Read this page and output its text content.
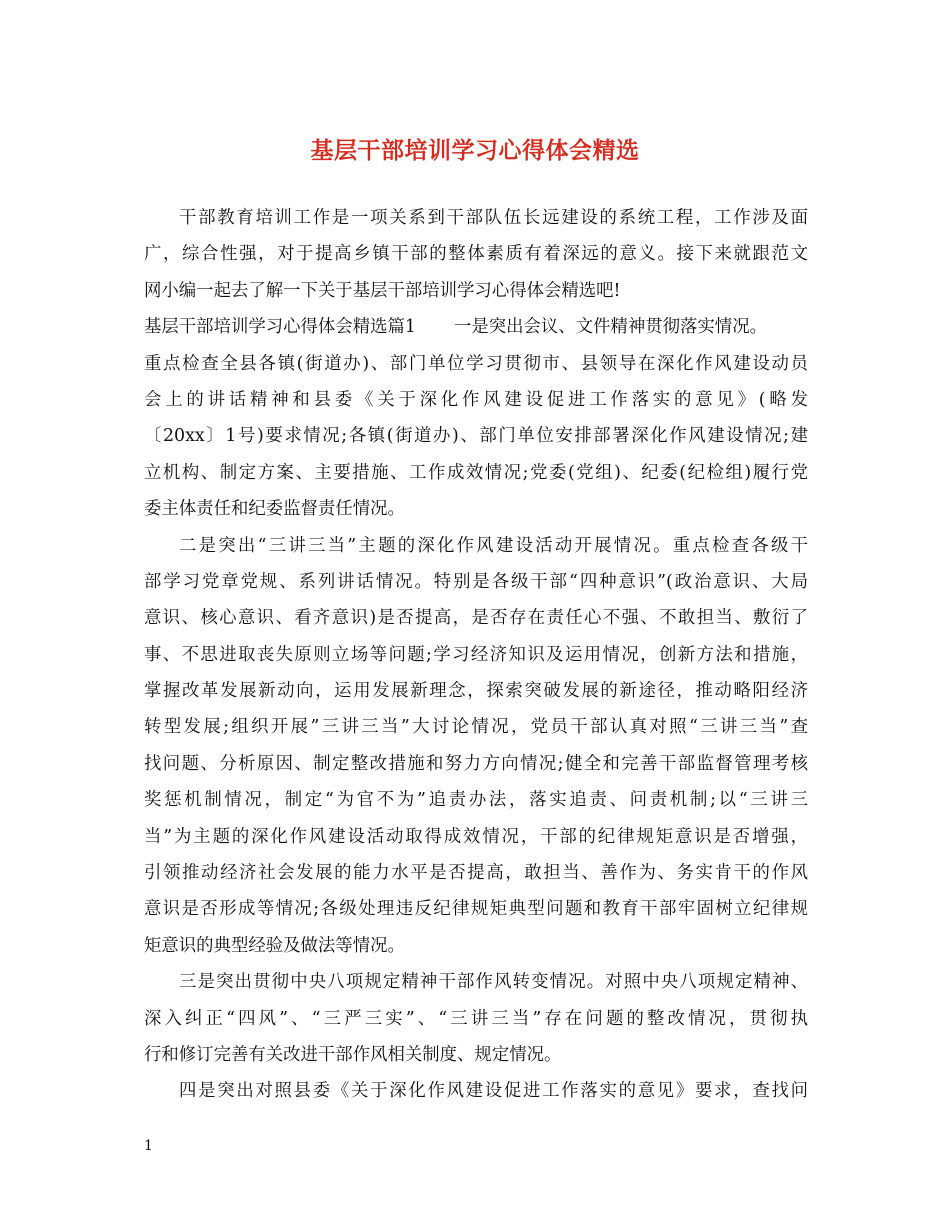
基层干部培训学习心得体会精选
干部教育培训工作是一项关系到干部队伍长远建设的系统工程，工作涉及面
广，综合性强，对于提高乡镇干部的整体素质有着深远的意义。接下来就跟范文
网小编一起去了解一下关于基层干部培训学习心得体会精选吧!
基层干部培训学习心得体会精选篇1 一是突出会议、文件精神贯彻落实情况。
重点检查全县各镇(街道办)、部门单位学习贯彻市、县领导在深化作风建设动员
会上的讲话精神和县委《关于深化作风建设促进工作落实的意见》(略发
〔20xx〕1号)要求情况;各镇(街道办)、部门单位安排部署深化作风建设情况;建
立机构、制定方案、主要措施、工作成效情况;党委(党组)、纪委(纪检组)履行党
委主体责任和纪委监督责任情况。
二是突出“三讲三当”主题的深化作风建设活动开展情况。重点检查各级干
部学习党章党规、系列讲话情况。特别是各级干部“四种意识”(政治意识、大局
意识、核心意识、看齐意识)是否提高，是否存在责任心不强、不敢担当、敷衍了
事、不思进取丧失原则立场等问题;学习经济知识及运用情况，创新方法和措施，
掌握改革发展新动向，运用发展新理念，探索突破发展的新途径，推动略阳经济
转型发展;组织开展”三讲三当”大讨论情况，党员干部认真对照“三讲三当”查
找问题、分析原因、制定整改措施和努力方向情况;健全和完善干部监督管理考核
奖惩机制情况，制定“为官不为”追责办法，落实追责、问责机制;以“三讲三
当”为主题的深化作风建设活动取得成效情况，干部的纪律规矩意识是否增强，
引领推动经济社会发展的能力水平是否提高，敢担当、善作为、务实肯干的作风
意识是否形成等情况;各级处理违反纪律规矩典型问题和教育干部牢固树立纪律规
矩意识的典型经验及做法等情况。
三是突出贯彻中央八项规定精神干部作风转变情况。对照中央八项规定精神、
深入纠正“四风”、“三严三实”、“三讲三当”存在问题的整改情况，贯彻执
行和修订完善有关改进干部作风相关制度、规定情况。
四是突出对照县委《关于深化作风建设促进工作落实的意见》要求，查找问
1
